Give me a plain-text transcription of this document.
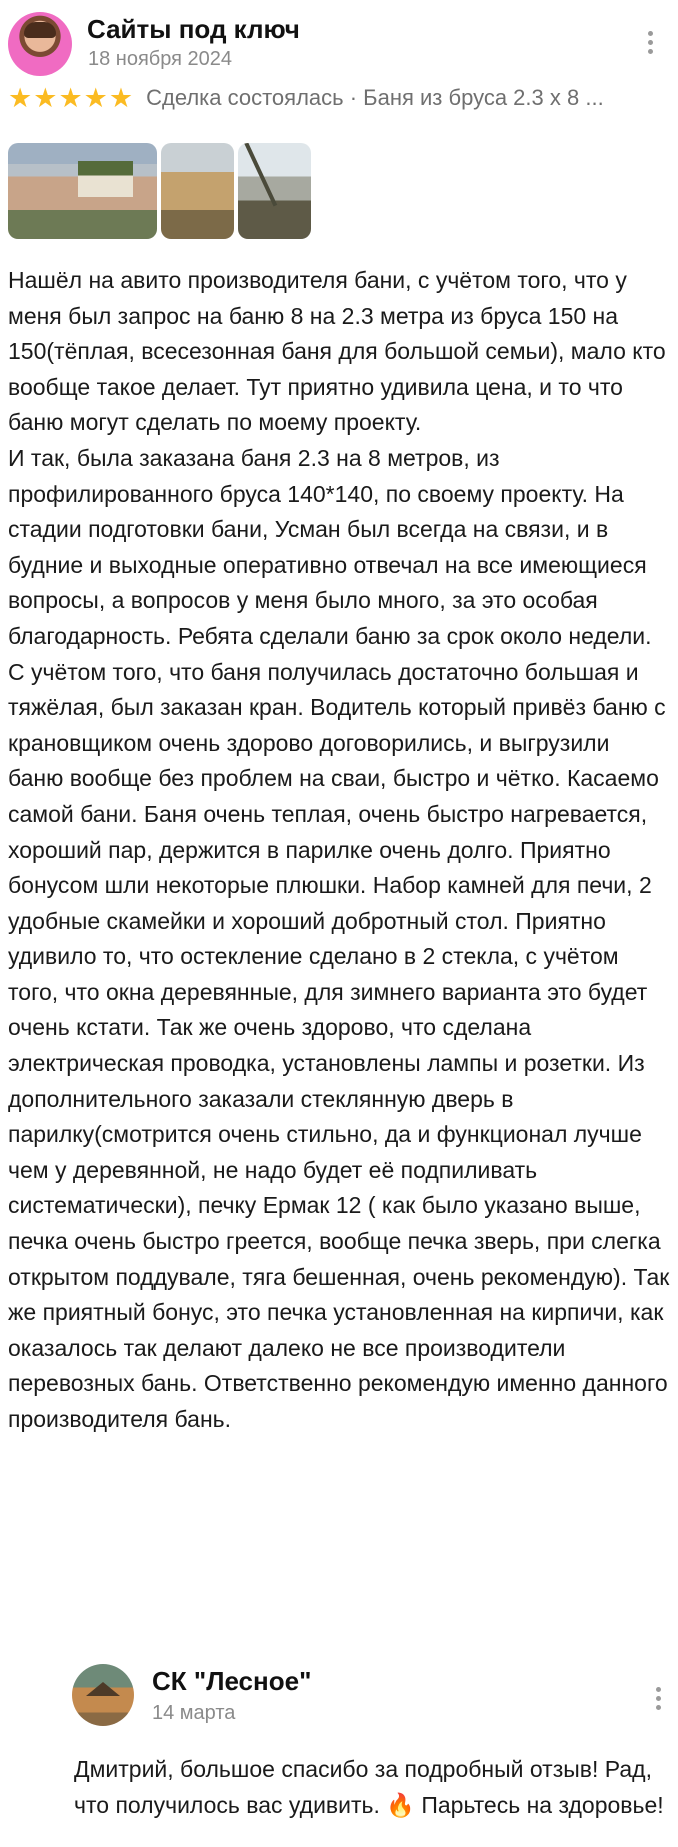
Сайты под ключ
18 ноября 2024
★ ★ ★ ★ ★ Сделка состоялась · Баня из бруса 2.3 х 8 ...

Нашёл на авито производителя бани, с учётом того, что у меня был запрос на баню 8 на 2.3 метра из бруса 150 на 150(тёплая, всесезонная баня для большой семьи), мало кто вообще такое делает. Тут приятно удивила цена, и то что баню могут сделать по моему проекту.
И так, была заказана баня 2.3 на 8 метров, из профилированного бруса 140*140, по своему проекту. На стадии подготовки бани, Усман был всегда на связи, и в будние и выходные оперативно отвечал на все имеющиеся вопросы, а вопросов у меня было много, за это особая благодарность. Ребята сделали баню за срок около недели. С учётом того, что баня получилась достаточно большая и тяжёлая, был заказан кран. Водитель который привёз баню с крановщиком очень здорово договорились, и выгрузили баню вообще без проблем на сваи, быстро и чётко. Касаемо самой бани. Баня очень теплая, очень быстро нагревается, хороший пар, держится в парилке очень долго. Приятно бонусом шли некоторые плюшки. Набор камней для печи, 2 удобные скамейки и хороший добротный стол. Приятно удивило то, что остекление сделано в 2 стекла, с учётом того, что окна деревянные, для зимнего варианта это будет очень кстати. Так же очень здорово, что сделана электрическая проводка, установлены лампы и розетки. Из дополнительного заказали стеклянную дверь в парилку(смотрится очень стильно, да и функционал лучше чем у деревянной, не надо будет её подпиливать систематически), печку Ермак 12 ( как было указано выше, печка очень быстро греется, вообще печка зверь, при слегка открытом поддувале, тяга бешенная, очень рекомендую). Так же приятный бонус, это печка установленная на кирпичи, как оказалось так делают далеко не все производители перевозных бань. Ответственно рекомендую именно данного производителя бань.

СК "Лесное"
14 марта

Дмитрий, большое спасибо за подробный отзыв! Рад, что получилось вас удивить. 🔥 Парьтесь на здоровье!
